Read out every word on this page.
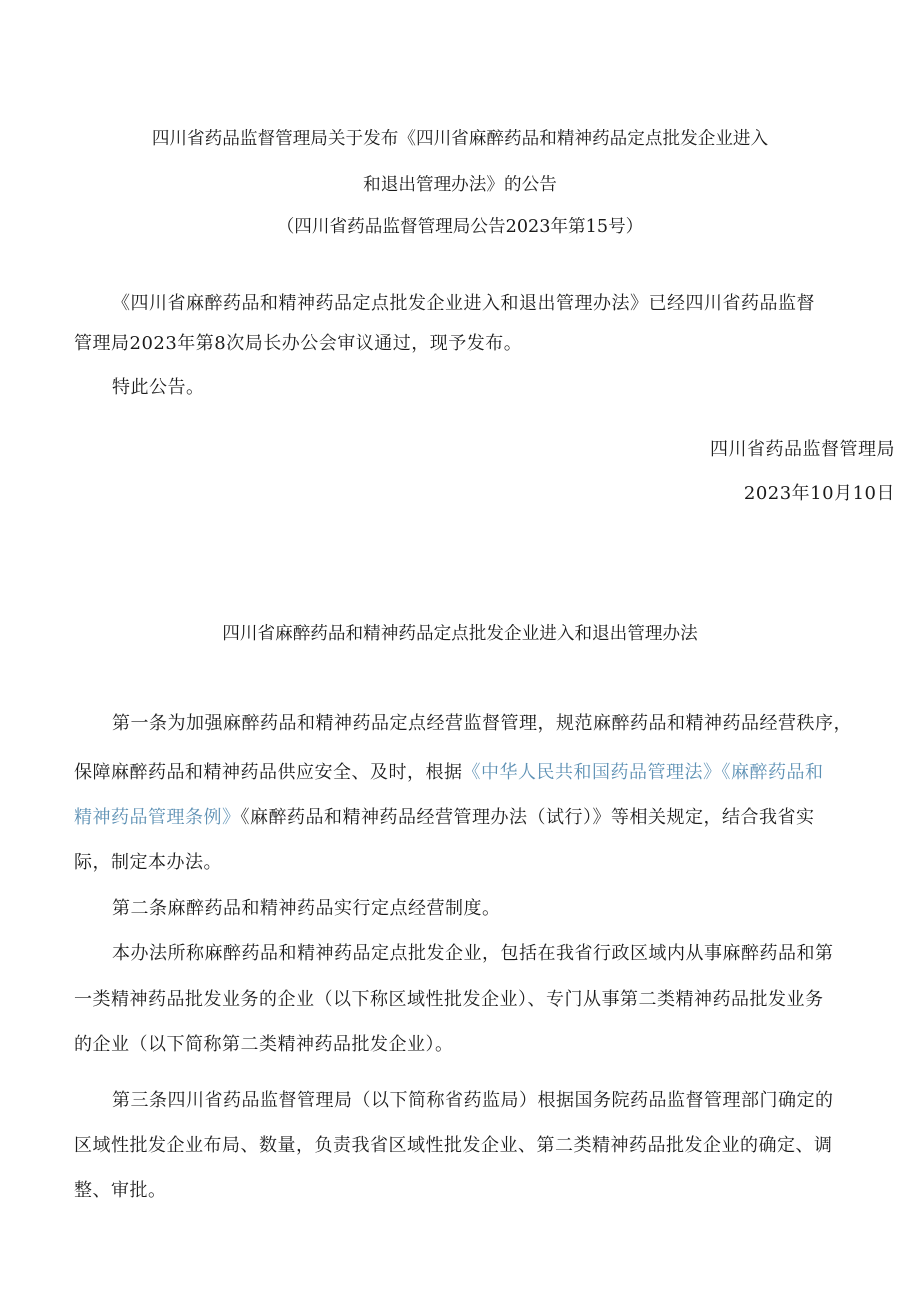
四川省药品监督管理局关于发布《四川省麻醉药品和精神药品定点批发企业进入
和退出管理办法》的公告
（四川省药品监督管理局公告2023年第15号）
《四川省麻醉药品和精神药品定点批发企业进入和退出管理办法》已经四川省药品监督
管理局2023年第8次局长办公会审议通过，现予发布。
特此公告。
四川省药品监督管理局
2023年10月10日
四川省麻醉药品和精神药品定点批发企业进入和退出管理办法
第一条为加强麻醉药品和精神药品定点经营监督管理，规范麻醉药品和精神药品经营秩序，
保障麻醉药品和精神药品供应安全、及时，根据《中华人民共和国药品管理法》《麻醉药品和
精神药品管理条例》《麻醉药品和精神药品经营管理办法（试行）》等相关规定，结合我省实
际，制定本办法。
第二条麻醉药品和精神药品实行定点经营制度。
本办法所称麻醉药品和精神药品定点批发企业，包括在我省行政区域内从事麻醉药品和第
一类精神药品批发业务的企业（以下称区域性批发企业）、专门从事第二类精神药品批发业务
的企业（以下简称第二类精神药品批发企业）。
第三条四川省药品监督管理局（以下简称省药监局）根据国务院药品监督管理部门确定的
区域性批发企业布局、数量，负责我省区域性批发企业、第二类精神药品批发企业的确定、调
整、审批。
